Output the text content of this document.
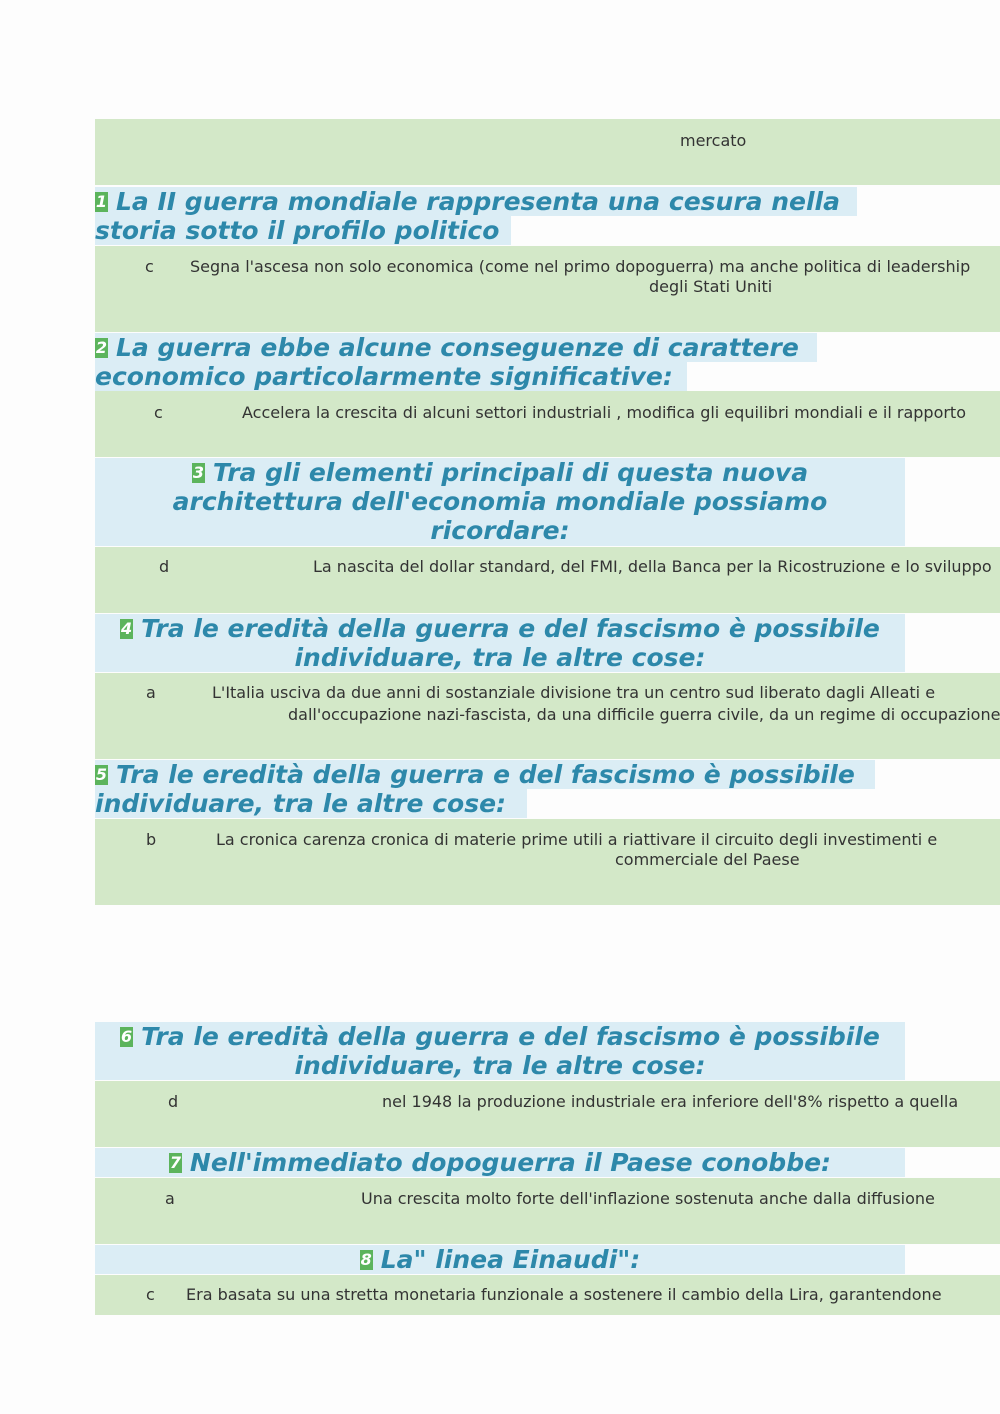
mercato
1 La II guerra mondiale rappresenta una cesura nella
storia sotto il profilo politico
c Segna l'ascesa non solo economica (come nel primo dopoguerra) ma anche politica di leadership
degli Stati Uniti
2 La guerra ebbe alcune conseguenze di carattere
economico particolarmente significative:
c	Accelera la crescita di alcuni settori industriali , modifica gli equilibri mondiali e il rapporto
3 Tra gli elementi principali di questa nuova
architettura dell'economia mondiale possiamo
ricordare:
d	La nascita del dollar standard, del FMI, della Banca per la Ricostruzione e lo sviluppo
4 Tra le eredità della guerra e del fascismo è possibile
individuare, tra le altre cose:
a	L'Italia usciva da due anni di sostanziale divisione tra un centro sud liberato dagli Alleati e
dall'occupazione nazi-fascista, da una difficile guerra civile, da un regime di occupazione
5 Tra le eredità della guerra e del fascismo è possibile
individuare, tra le altre cose:
b	La cronica carenza cronica di materie prime utili a riattivare il circuito degli investimenti e
commerciale del Paese
6 Tra le eredità della guerra e del fascismo è possibile
individuare, tra le altre cose:
d	nel 1948 la produzione industriale era inferiore dell'8% rispetto a quella
7 Nell'immediato dopoguerra il Paese conobbe:
a	Una crescita molto forte dell'inflazione sostenuta anche dalla diffusione
8 La" linea Einaudi":
c Era basata su una stretta monetaria funzionale a sostenere il cambio della Lira, garantendone
